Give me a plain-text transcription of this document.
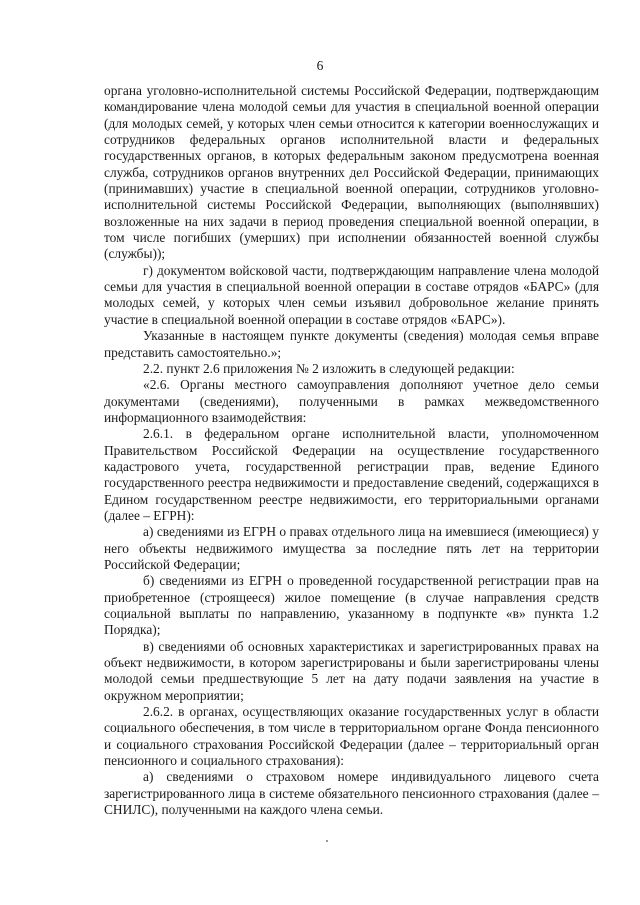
6

органа уголовно-исполнительной системы Российской Федерации, подтверждающим командирование члена молодой семьи для участия в специальной военной операции (для молодых семей, у которых член семьи относится к категории военнослужащих и сотрудников федеральных органов исполнительной власти и федеральных государственных органов, в которых федеральным законом предусмотрена военная служба, сотрудников органов внутренних дел Российской Федерации, принимающих (принимавших) участие в специальной военной операции, сотрудников уголовно-исполнительной системы Российской Федерации, выполняющих (выполнявших) возложенные на них задачи в период проведения специальной военной операции, в том числе погибших (умерших) при исполнении обязанностей военной службы (службы));

г) документом войсковой части, подтверждающим направление члена молодой семьи для участия в специальной военной операции в составе отрядов «БАРС» (для молодых семей, у которых член семьи изъявил добровольное желание принять участие в специальной военной операции в составе отрядов «БАРС»).

Указанные в настоящем пункте документы (сведения) молодая семья вправе представить самостоятельно.»;

2.2. пункт 2.6 приложения № 2 изложить в следующей редакции:

«2.6. Органы местного самоуправления дополняют учетное дело семьи документами (сведениями), полученными в рамках межведомственного информационного взаимодействия:

2.6.1. в федеральном органе исполнительной власти, уполномоченном Правительством Российской Федерации на осуществление государственного кадастрового учета, государственной регистрации прав, ведение Единого государственного реестра недвижимости и предоставление сведений, содержащихся в Едином государственном реестре недвижимости, его территориальными органами (далее – ЕГРН):

а) сведениями из ЕГРН о правах отдельного лица на имевшиеся (имеющиеся) у него объекты недвижимого имущества за последние пять лет на территории Российской Федерации;

б) сведениями из ЕГРН о проведенной государственной регистрации прав на приобретенное (строящееся) жилое помещение (в случае направления средств социальной выплаты по направлению, указанному в подпункте «в» пункта 1.2 Порядка);

в) сведениями об основных характеристиках и зарегистрированных правах на объект недвижимости, в котором зарегистрированы и были зарегистрированы члены молодой семьи предшествующие 5 лет на дату подачи заявления на участие в окружном мероприятии;

2.6.2. в органах, осуществляющих оказание государственных услуг в области социального обеспечения, в том числе в территориальном органе Фонда пенсионного и социального страхования Российской Федерации (далее – территориальный орган пенсионного и социального страхования):

а) сведениями о страховом номере индивидуального лицевого счета зарегистрированного лица в системе обязательного пенсионного страхования (далее – СНИЛС), полученными на каждого члена семьи.
